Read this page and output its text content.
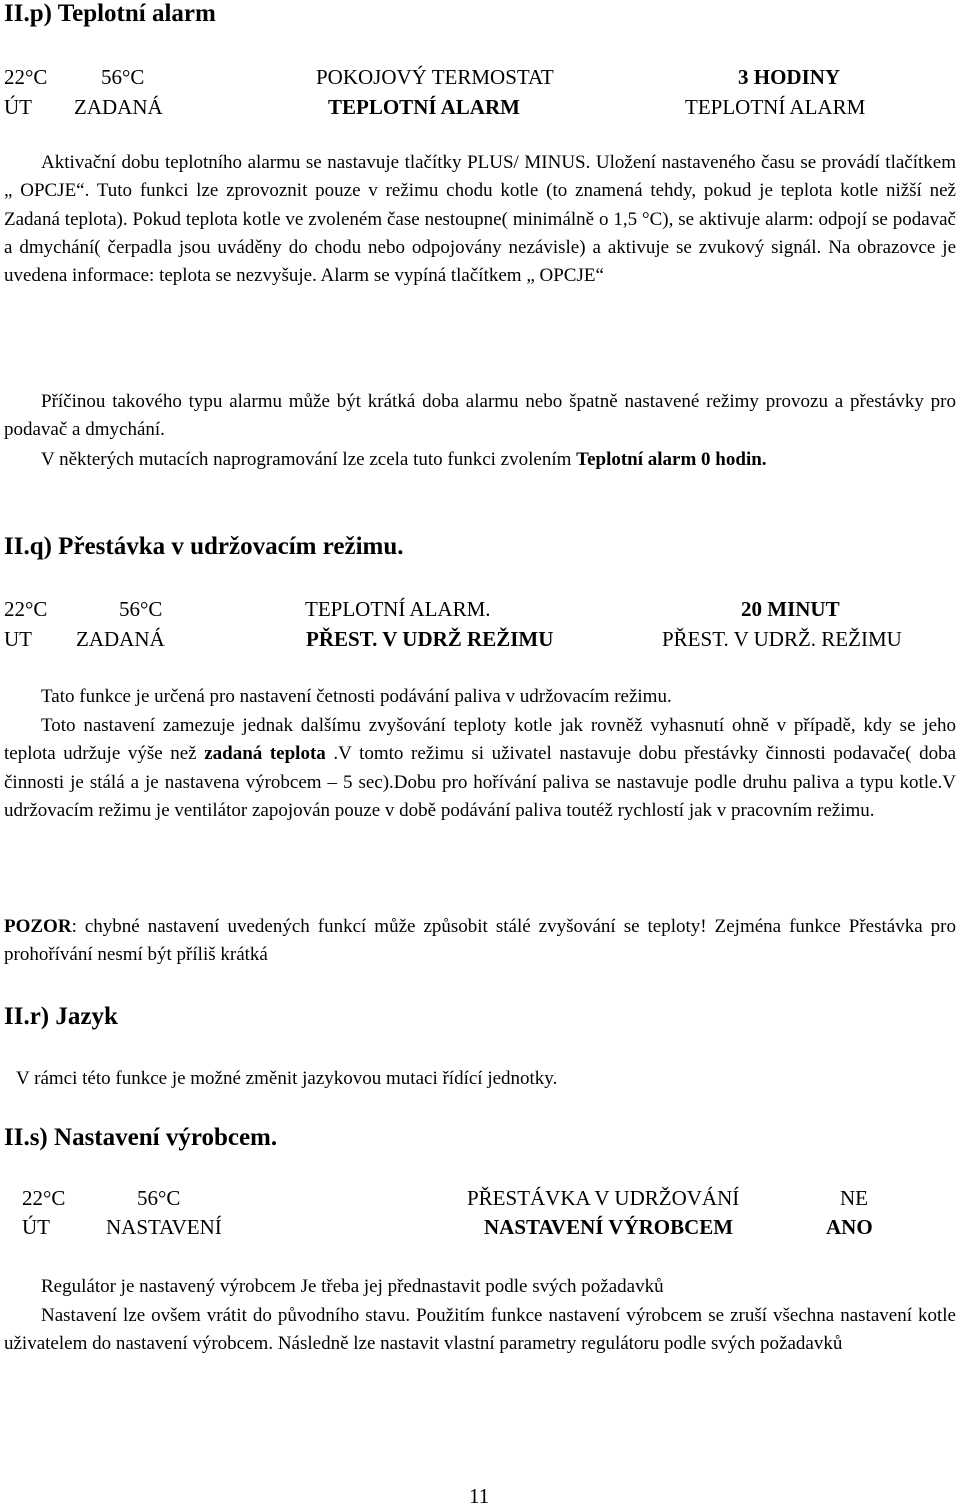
II.p) Teplotní alarm
22°C	56°C	POKOJOVÝ TERMOSTAT	3 HODINY
ÚT ZADANÁ	TEPLOTNÍ ALARM	TEPLOTNÍ ALARM

Aktivační dobu teplotního alarmu se nastavuje tlačítky PLUS/ MINUS. Uložení nastaveného času se provádí tlačítkem „ OPCJE“. Tuto funkci lze zprovoznit pouze v režimu chodu kotle (to znamená tehdy, pokud je teplota kotle nižší než Zadaná teplota). Pokud teplota kotle ve zvoleném čase nestoupne( minimálně o 1,5 °C), se aktivuje alarm: odpojí se podavač a dmychání( čerpadla jsou uváděny do chodu nebo odpojovány nezávisle) a aktivuje se zvukový signál. Na obrazovce je uvedena informace: teplota se nezvyšuje. Alarm se vypíná tlačítkem „ OPCJE“

Příčinou takového typu alarmu může být krátká doba alarmu nebo špatně nastavené režimy provozu a přestávky pro podavač a dmychání.

V některých mutacích naprogramování lze zcela tuto funkci zvolením Teplotní alarm 0 hodin.

II.q) Přestávka v udržovacím režimu.
22°C	56°C	TEPLOTNÍ ALARM.	20 MINUT
UT ZADANÁ	PŘEST. V UDRŽ REŽIMU	PŘEST. V UDRŽ. REŽIMU

Tato funkce je určená pro nastavení četnosti podávání paliva v udržovacím režimu.

Toto nastavení zamezuje jednak dalšímu zvyšování teploty kotle jak rovněž vyhasnutí ohně v případě, kdy se jeho teplota udržuje výše než zadaná teplota .V tomto režimu si uživatel nastavuje dobu přestávky činnosti podavače( doba činnosti je stálá a je nastavena výrobcem – 5 sec).Dobu pro hořívání paliva se nastavuje podle druhu paliva a typu kotle.V udržovacím režimu je ventilátor zapojován pouze v době podávání paliva toutéž rychlostí jak v pracovním režimu.

POZOR: chybné nastavení uvedených funkcí může způsobit stálé zvyšování se teploty! Zejména funkce Přestávka pro prohořívání nesmí být příliš krátká

II.r) Jazyk

V rámci této funkce je možné změnit jazykovou mutaci řídící jednotky.

II.s) Nastavení výrobcem.
22°C	56°C	PŘESTÁVKA V UDRŽOVÁNÍ	NE
ÚT	NASTAVENÍ	NASTAVENÍ VÝROBCEM	ANO

Regulátor je nastavený výrobcem Je třeba jej přednastavit podle svých požadavků

Nastavení lze ovšem vrátit do původního stavu. Použitím funkce nastavení výrobcem se zruší všechna nastavení kotle uživatelem do nastavení výrobcem. Následně lze nastavit vlastní parametry regulátoru podle svých požadavků

11
